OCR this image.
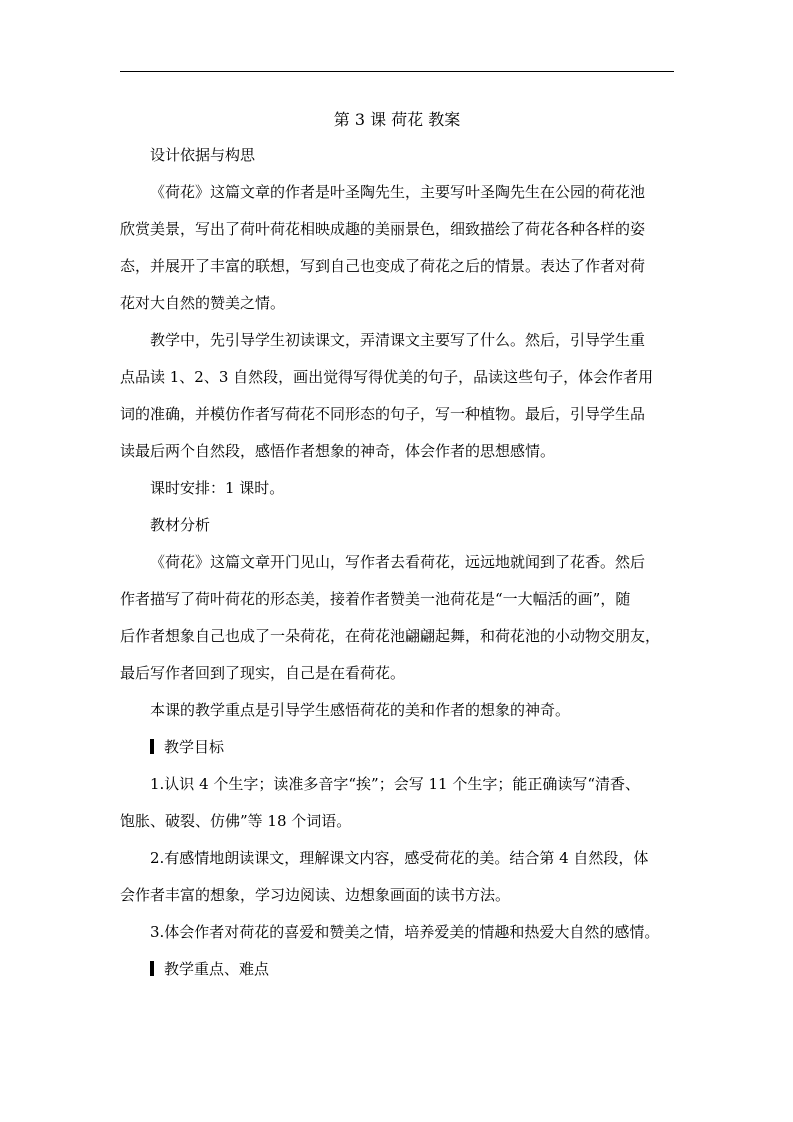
第 3 课 荷花 教案

设计依据与构思

《荷花》这篇文章的作者是叶圣陶先生，主要写叶圣陶先生在公园的荷花池
欣赏美景，写出了荷叶荷花相映成趣的美丽景色，细致描绘了荷花各种各样的姿
态，并展开了丰富的联想，写到自己也变成了荷花之后的情景。表达了作者对荷
花对大自然的赞美之情。

教学中，先引导学生初读课文，弄清课文主要写了什么。然后，引导学生重
点品读 1、2、3 自然段，画出觉得写得优美的句子，品读这些句子，体会作者用
词的准确，并模仿作者写荷花不同形态的句子，写一种植物。最后，引导学生品
读最后两个自然段，感悟作者想象的神奇，体会作者的思想感情。

课时安排：1 课时。

教材分析

《荷花》这篇文章开门见山，写作者去看荷花，远远地就闻到了花香。然后
作者描写了荷叶荷花的形态美，接着作者赞美一池荷花是“一大幅活的画”，随
后作者想象自己也成了一朵荷花，在荷花池翩翩起舞，和荷花池的小动物交朋友，
最后写作者回到了现实，自己是在看荷花。

本课的教学重点是引导学生感悟荷花的美和作者的想象的神奇。

教学目标

1.认识 4 个生字；读准多音字“挨”；会写 11 个生字；能正确读写“清香、
饱胀、破裂、仿佛”等 18 个词语。

2.有感情地朗读课文，理解课文内容，感受荷花的美。结合第 4 自然段，体
会作者丰富的想象，学习边阅读、边想象画面的读书方法。

3.体会作者对荷花的喜爱和赞美之情，培养爱美的情趣和热爱大自然的感情。

教学重点、难点
